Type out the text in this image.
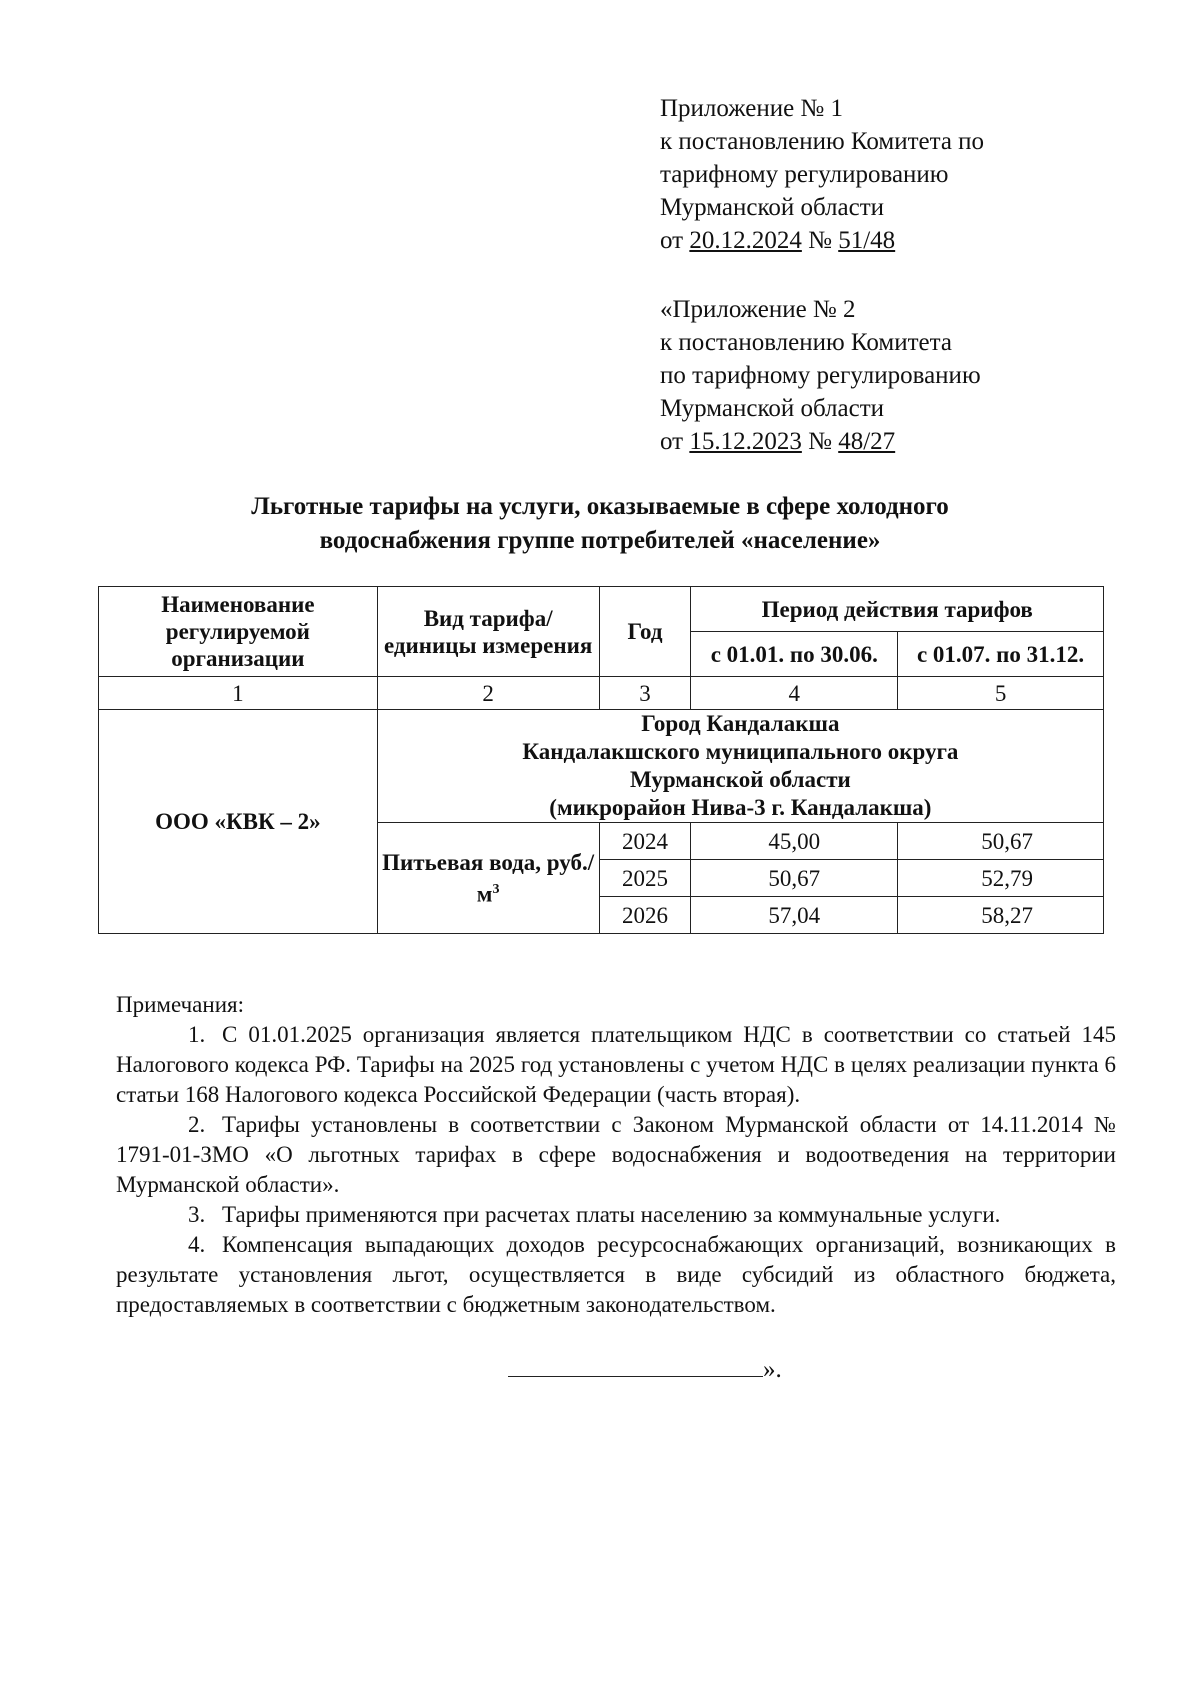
Приложение № 1
к постановлению Комитета по
тарифному регулированию
Мурманской области
от 20.12.2024 № 51/48
«Приложение № 2
к постановлению Комитета
по тарифному регулированию
Мурманской области
от 15.12.2023 № 48/27
Льготные тарифы на услуги, оказываемые в сфере холодного
водоснабжения группе потребителей «население»
Наименование регулируемой организации	Вид тарифа/единицы измерения	Год	Период действия тарифов	
			с 01.01. по 30.06.	с 01.07. по 31.12.
1	2	3	4	5
ООО «КВК – 2»	Город Кандалакша
Кандалакшского муниципального округа
Мурманской области
(микрорайон Нива-3 г. Кандалакша)			

	Питьевая вода, $руб./м^3$	2024	45,00	50,67
		2025	50,67	52,79
		2026	57,04	58,27
Примечания:
1. С 01.01.2025 организация является плательщиком НДС в соответствии со статьей 145 Налогового кодекса РФ. Тарифы на 2025 год установлены с учетом НДС в целях реализации пункта 6 статьи 168 Налогового кодекса Российской Федерации (часть вторая).
2. Тарифы установлены в соответствии с Законом Мурманской области от 14.11.2014 № 1791-01-ЗМО «О льготных тарифах в сфере водоснабжения и водоотведения на территории Мурманской области».
3. Тарифы применяются при расчетах платы населению за коммунальные услуги.
4. Компенсация выпадающих доходов ресурсоснабжающих организаций, возникающих в результате установления льгот, осуществляется в виде субсидий из областного бюджета, предоставляемых в соответствии с бюджетным законодательством.
».
